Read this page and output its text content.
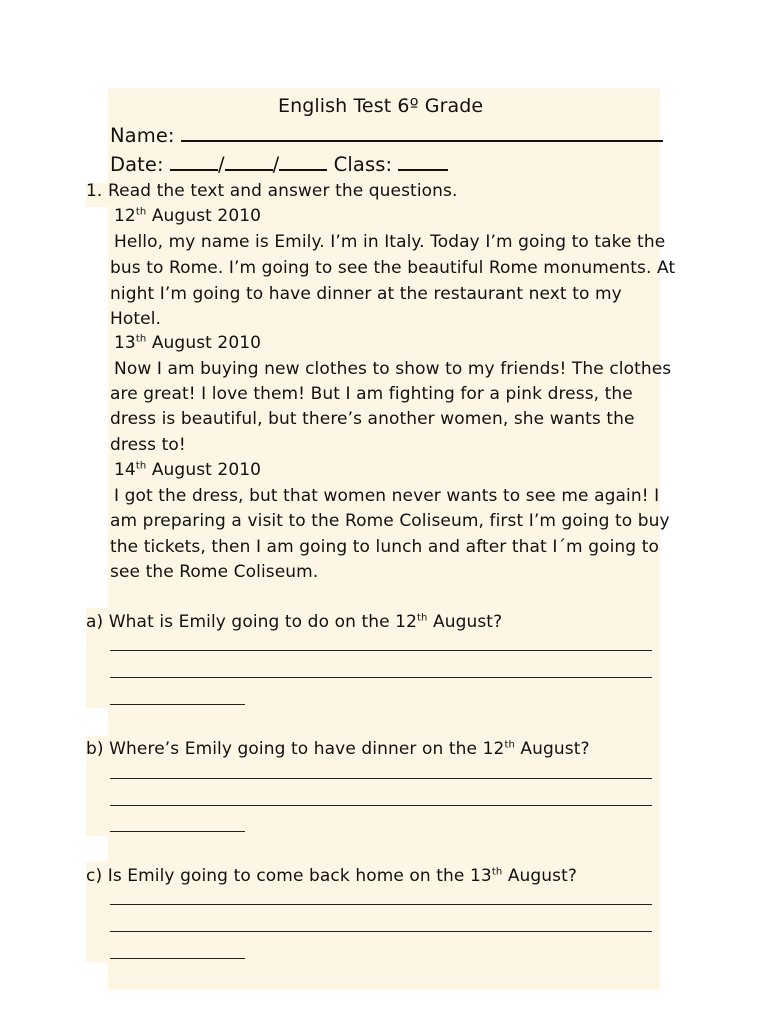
English Test 6º Grade
Name:
Date:	/ /	Class:
1. Read the text and answer the questions.
12th August 2010
Hello, my name is Emily. I’m in Italy. Today I’m going to take the
bus to Rome. I’m going to see the beautiful Rome monuments. At
night I’m going to have dinner at the restaurant next to my
Hotel.
13th August 2010
Now I am buying new clothes to show to my friends! The clothes
are great! I love them! But I am fighting for a pink dress, the
dress is beautiful, but there’s another women, she wants the
dress to!
14th August 2010
I got the dress, but that women never wants to see me again! I
am preparing a visit to the Rome Coliseum, first I’m going to buy
the tickets, then I am going to lunch and after that I´m going to
see the Rome Coliseum.
a) What is Emily going to do on the 12th August?
b) Where’s Emily going to have dinner on the 12th August?
c) Is Emily going to come back home on the 13th August?
